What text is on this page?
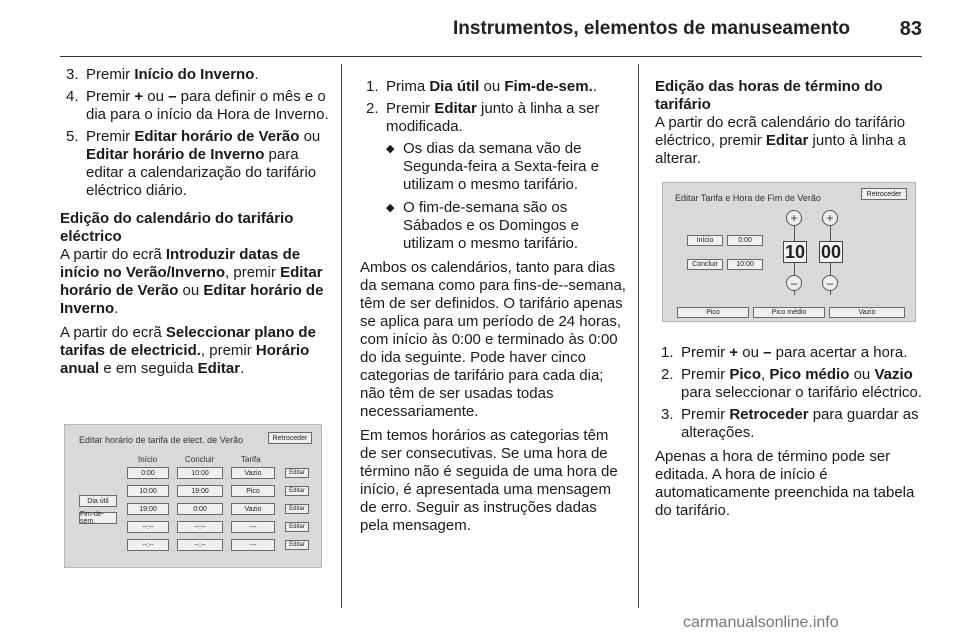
Instrumentos, elementos de manuseamento	83
3. Premir Início do Inverno.
4. Premir + ou – para definir o mês e o dia para o início da Hora de Inverno.
5. Premir Editar horário de Verão ou Editar horário de Inverno para editar a calendarização do tarifário eléctrico diário.
Edição do calendário do tarifário eléctrico

A partir do ecrã Introduzir datas de início no Verão/Inverno, premir Editar horário de Verão ou Editar horário de Inverno.

A partir do ecrã Seleccionar plano de tarifas de electricid., premir Horário anual e em seguida Editar.

Editar horário de tarifa de elect. de Verão	Retroceder
Início	Concluir	Tarifa
Dia útil
Fim-de-sem.
0:00	10:00	Vazio	Editar
10:00	19:00	Pico	Editar
19:00	0:00	Vazio	Editar
--:--	--:--	---	Editar
--:--	--:--	---	Editar
1. Prima Dia útil ou Fim-de-sem..
2. Premir Editar junto à linha a ser modificada.
◆ Os dias da semana vão de Segunda-feira a Sexta-feira e utilizam o mesmo tarifário.
◆ O fim-de-semana são os Sábados e os Domingos e utilizam o mesmo tarifário.

Ambos os calendários, tanto para dias da semana como para fins-de--semana, têm de ser definidos. O tarifário apenas se aplica para um período de 24 horas, com início às 0:00 e terminado às 0:00 do ida seguinte. Pode haver cinco categorias de tarifário para cada dia; não têm de ser usadas todas necessariamente.

Em temos horários as categorias têm de ser consecutivas. Se uma hora de término não é seguida de uma hora de início, é apresentada uma mensagem de erro. Seguir as instruções dadas pela mensagem.

Edição das horas de término do tarifário

A partir do ecrã calendário do tarifário eléctrico, premir Editar junto à linha a alterar.

Editar Tarifa e Hora de Fim de Verão	Retroceder
Início	0:00
Concluir	10:00
+
10
–
+
00
–
Pico	Pico médio	Vazio
1. Premir + ou – para acertar a hora.
2. Premir Pico, Pico médio ou Vazio para seleccionar o tarifário eléctrico.
3. Premir Retroceder para guardar as alterações.

Apenas a hora de término pode ser editada. A hora de início é automaticamente preenchida na tabela do tarifário.

carmanualsonline.info
